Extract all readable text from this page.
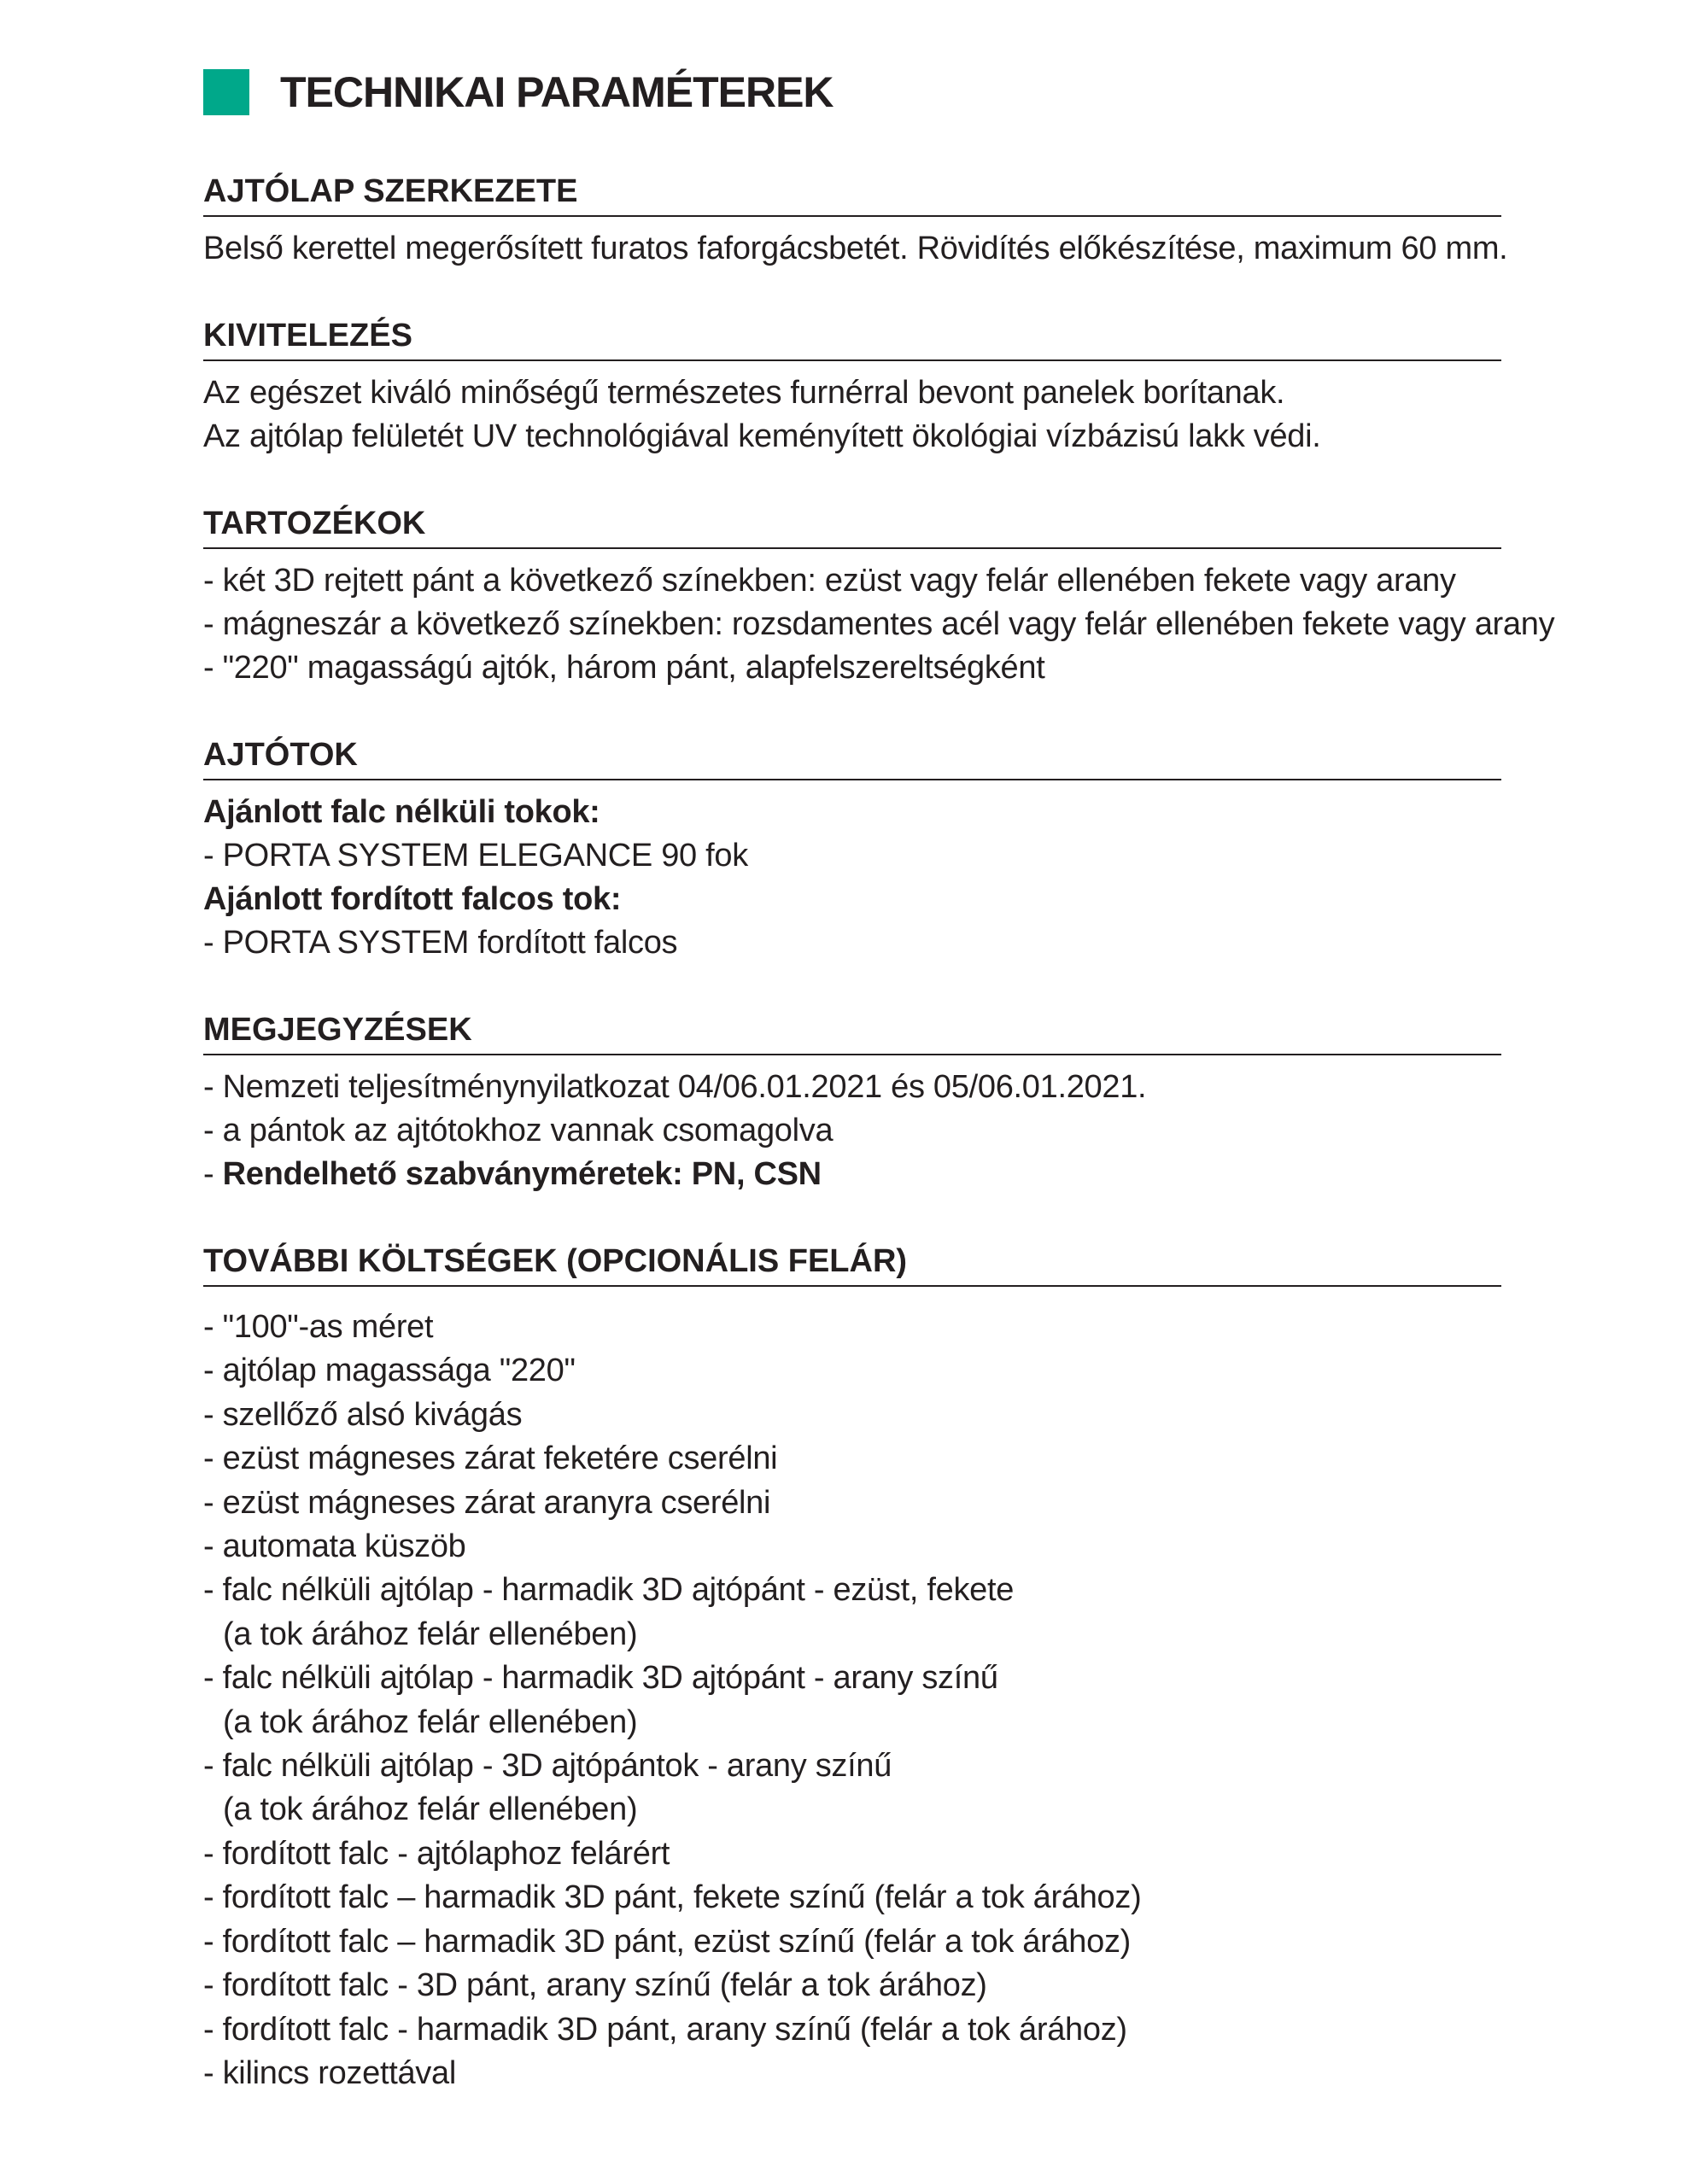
TECHNIKAI PARAMÉTEREK
AJTÓLAP SZERKEZETE
Belső kerettel megerősített furatos faforgácsbetét. Rövidítés előkészítése, maximum 60 mm.
KIVITELEZÉS
Az egészet kiváló minőségű természetes furnérral bevont panelek borítanak.
Az ajtólap felületét UV technológiával keményített ökológiai vízbázisú lakk védi.
TARTOZÉKOK
- két 3D rejtett pánt a következő színekben: ezüst vagy felár ellenében fekete vagy arany
- mágneszár a következő színekben: rozsdamentes acél vagy felár ellenében fekete vagy arany
- "220" magasságú ajtók, három pánt, alapfelszereltségként
AJTÓTOK
Ajánlott falc nélküli tokok:
- PORTA SYSTEM ELEGANCE 90 fok
Ajánlott fordított falcos tok:
- PORTA SYSTEM fordított falcos
MEGJEGYZÉSEK
- Nemzeti teljesítménynyilatkozat 04/06.01.2021 és 05/06.01.2021.
- a pántok az ajtótokhoz vannak csomagolva
- Rendelhető szabványméretek: PN, CSN
TOVÁBBI KÖLTSÉGEK (OPCIONÁLIS FELÁR)
- "100"-as méret
- ajtólap magassága "220"
- szellőző alsó kivágás
- ezüst mágneses zárat feketére cserélni
- ezüst mágneses zárat aranyra cserélni
- automata küszöb
- falc nélküli ajtólap - harmadik 3D ajtópánt - ezüst, fekete
(a tok árához felár ellenében)
- falc nélküli ajtólap - harmadik 3D ajtópánt - arany színű
(a tok árához felár ellenében)
- falc nélküli ajtólap - 3D ajtópántok - arany színű
(a tok árához felár ellenében)
- fordított falc - ajtólaphoz felárért
- fordított falc – harmadik 3D pánt, fekete színű (felár a tok árához)
- fordított falc – harmadik 3D pánt, ezüst színű (felár a tok árához)
- fordított falc - 3D pánt, arany színű (felár a tok árához)
- fordított falc - harmadik 3D pánt, arany színű (felár a tok árához)
- kilincs rozettával
